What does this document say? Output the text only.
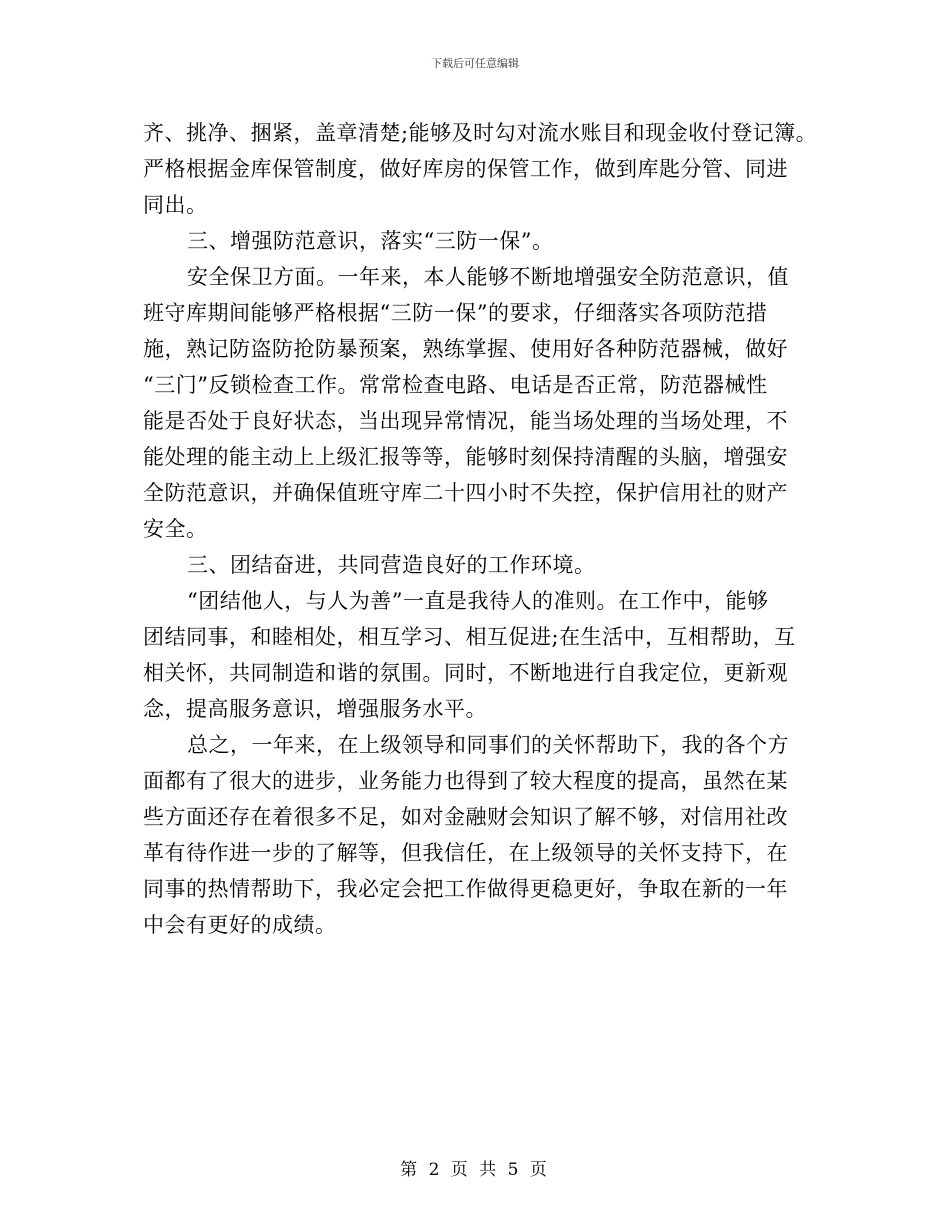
下载后可任意编辑
齐、挑净、捆紧，盖章清楚;能够及时勾对流水账目和现金收付登记簿。
严格根据金库保管制度，做好库房的保管工作，做到库匙分管、同进
同出。
三、增强防范意识，落实“三防一保”。
安全保卫方面。一年来，本人能够不断地增强安全防范意识，值
班守库期间能够严格根据“三防一保”的要求，仔细落实各项防范措
施，熟记防盗防抢防暴预案，熟练掌握、使用好各种防范器械，做好
“三门”反锁检查工作。常常检查电路、电话是否正常，防范器械性
能是否处于良好状态，当出现异常情况，能当场处理的当场处理，不
能处理的能主动上上级汇报等等，能够时刻保持清醒的头脑，增强安
全防范意识，并确保值班守库二十四小时不失控，保护信用社的财产
安全。
三、团结奋进，共同营造良好的工作环境。
“团结他人，与人为善”一直是我待人的准则。在工作中，能够
团结同事，和睦相处，相互学习、相互促进;在生活中，互相帮助，互
相关怀，共同制造和谐的氛围。同时，不断地进行自我定位，更新观
念，提高服务意识，增强服务水平。
总之，一年来，在上级领导和同事们的关怀帮助下，我的各个方
面都有了很大的进步，业务能力也得到了较大程度的提高，虽然在某
些方面还存在着很多不足，如对金融财会知识了解不够，对信用社改
革有待作进一步的了解等，但我信任，在上级领导的关怀支持下，在
同事的热情帮助下，我必定会把工作做得更稳更好，争取在新的一年
中会有更好的成绩。
第 2 页 共 5 页
